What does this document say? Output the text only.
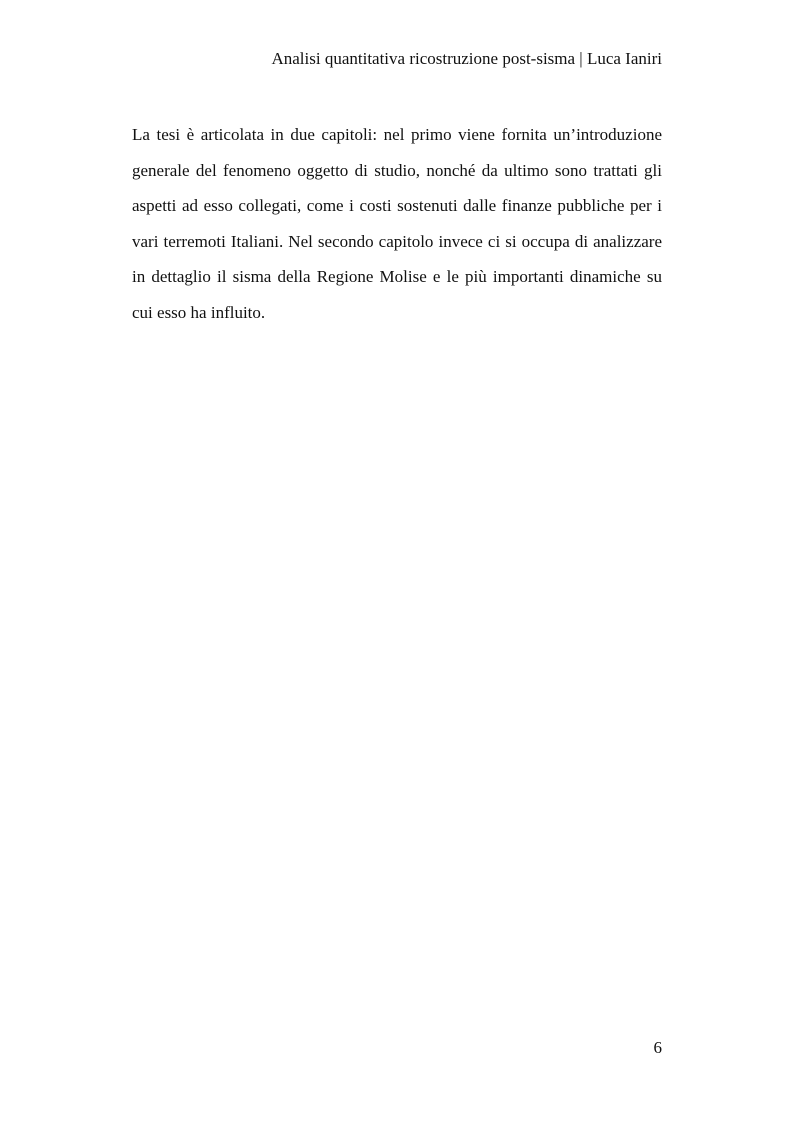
Analisi quantitativa ricostruzione post-sisma | Luca Ianiri

La tesi è articolata in due capitoli: nel primo viene fornita un’introduzione generale del fenomeno oggetto di studio, nonché da ultimo sono trattati gli aspetti ad esso collegati, come i costi sostenuti dalle finanze pubbliche per i vari terremoti Italiani. Nel secondo capitolo invece ci si occupa di analizzare in dettaglio il sisma della Regione Molise e le più importanti dinamiche su cui esso ha influito.

6
